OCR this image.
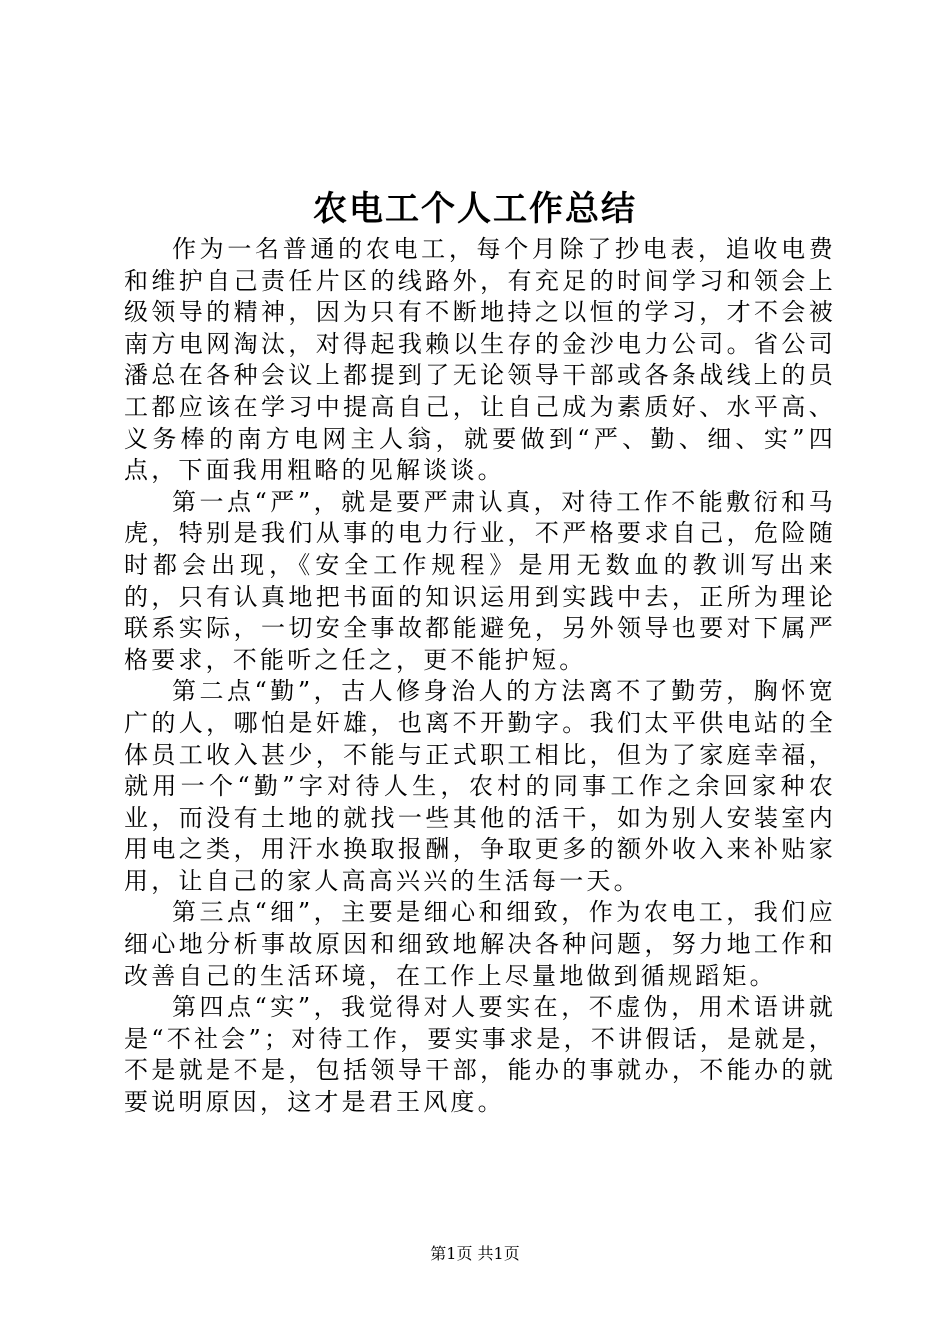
农电工个人工作总结

作为一名普通的农电工，每个月除了抄电表，追收电费和维护自己责任片区的线路外，有充足的时间学习和领会上级领导的精神，因为只有不断地持之以恒的学习，才不会被南方电网淘汰，对得起我赖以生存的金沙电力公司。省公司潘总在各种会议上都提到了无论领导干部或各条战线上的员工都应该在学习中提高自己，让自己成为素质好、水平高、义务棒的南方电网主人翁，就要做到“严、勤、细、实”四点，下面我用粗略的见解谈谈。

第一点“严”，就是要严肃认真，对待工作不能敷衍和马虎，特别是我们从事的电力行业，不严格要求自己，危险随时都会出现，《安全工作规程》是用无数血的教训写出来的，只有认真地把书面的知识运用到实践中去，正所为理论联系实际，一切安全事故都能避免，另外领导也要对下属严格要求，不能听之任之，更不能护短。

第二点“勤”，古人修身治人的方法离不了勤劳，胸怀宽广的人，哪怕是奸雄，也离不开勤字。我们太平供电站的全体员工收入甚少，不能与正式职工相比，但为了家庭幸福，就用一个“勤”字对待人生，农村的同事工作之余回家种农业，而没有土地的就找一些其他的活干，如为别人安装室内用电之类，用汗水换取报酬，争取更多的额外收入来补贴家用，让自己的家人高高兴兴的生活每一天。

第三点“细”，主要是细心和细致，作为农电工，我们应细心地分析事故原因和细致地解决各种问题，努力地工作和改善自己的生活环境，在工作上尽量地做到循规蹈矩。

第四点“实”，我觉得对人要实在，不虚伪，用术语讲就是“不社会”；对待工作，要实事求是，不讲假话，是就是，不是就是不是，包括领导干部，能办的事就办，不能办的就要说明原因，这才是君王风度。

第1页 共1页
